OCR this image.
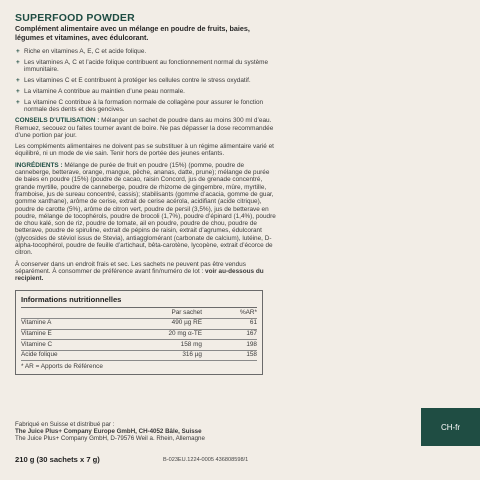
SUPERFOOD POWDER
Complément alimentaire avec un mélange en poudre de fruits, baies, légumes et vitamines, avec édulcorant.
+ Riche en vitamines A, E, C et acide folique.
+ Les vitamines A, C et l’acide folique contribuent au fonctionnement normal du système immunitaire.
+ Les vitamines C et E contribuent à protéger les cellules contre le stress oxydatif.
+ La vitamine A contribue au maintien d’une peau normale.
+ La vitamine C contribue à la formation normale de collagène pour assurer le fonction normale des dents et des gencives.

CONSEILS D’UTILISATION : Mélanger un sachet de poudre dans au moins 300 ml d’eau. Remuez, secouez ou faites tourner avant de boire. Ne pas dépasser la dose recommandée d’une portion par jour.

Les compléments alimentaires ne doivent pas se substituer à un régime alimentaire varié et équilibré, ni un mode de vie sain. Tenir hors de portée des jeunes enfants.

INGRÉDIENTS : Mélange de purée de fruit en poudre (15%) (pomme, poudre de canneberge, betterave, orange, mangue, pêche, ananas, datte, prune); mélange de purée de baies en poudre (15%) (poudre de cacao, raisin Concord, jus de grenade concentré, grande myrtille, poudre de canneberge, poudre de rhizome de gingembre, mûre, myrtille, framboise, jus de sureau concentré, cassis); stabilisants (gomme d’acacia, gomme de guar, gomme xanthane), arôme de cerise, extrait de cerise acérola, acidifiant (acide citrique), poudre de carotte (5%), arôme de citron vert, poudre de persil (3,5%), jus de betterave en poudre, mélange de tocophérols, poudre de brocoli (1,7%), poudre d’épinard (1,4%), poudre de chou kalé, son de riz, poudre de tomate, ail en poudre, poudre de chou, poudre de betterave, poudre de spiruline, extrait de pépins de raisin, extrait d’agrumes, édulcorant (glycosides de stéviol issus de Stevia), antiagglomérant (carbonate de calcium), lutéine, D-alpha-tocophérol, poudre de feuille d’artichaut, bêta-carotène, lycopène, extrait d’écorce de citron.

À conserver dans un endroit frais et sec. Les sachets ne peuvent pas être vendus séparément. À consommer de préférence avant fin/numéro de lot : voir au-dessous du recipient.

Informations nutritionnelles
	Par sachet	%AR*
Vitamine A	490 µg RE	61
Vitamine E	20 mg α-TE	167
Vitamine C	158 mg	198
Acide folique	316 µg	158
* AR = Apports de Référence

Fabriqué en Suisse et distribué par :

The Juice Plus+ Company Europe GmbH, CH-4052 Bâle, Suisse

The Juice Plus+ Company GmbH, D-79576 Weil a. Rhein, Allemagne

210 g (30 sachets x 7 g)	B-023EU.1224-0005 436808598/1
CH-fr
